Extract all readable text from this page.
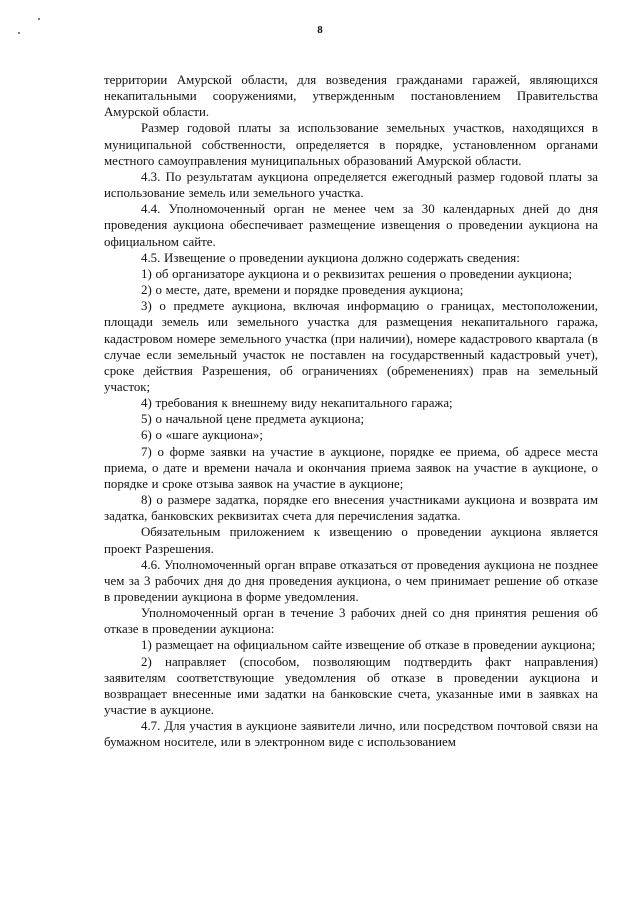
8

территории Амурской области, для возведения гражданами гаражей, являющихся некапитальными сооружениями, утвержденным постановлением Правительства Амурской области.

Размер годовой платы за использование земельных участков, находящихся в муниципальной собственности, определяется в порядке, установленном органами местного самоуправления муниципальных образований Амурской области.

4.3. По результатам аукциона определяется ежегодный размер годовой платы за использование земель или земельного участка.

4.4. Уполномоченный орган не менее чем за 30 календарных дней до дня проведения аукциона обеспечивает размещение извещения о проведении аукциона на официальном сайте.

4.5. Извещение о проведении аукциона должно содержать сведения:

1) об организаторе аукциона и о реквизитах решения о проведении аукциона;

2) о месте, дате, времени и порядке проведения аукциона;

3) о предмете аукциона, включая информацию о границах, местоположении, площади земель или земельного участка для размещения некапитального гаража, кадастровом номере земельного участка (при наличии), номере кадастрового квартала (в случае если земельный участок не поставлен на государственный кадастровый учет), сроке действия Разрешения, об ограничениях (обременениях) прав на земельный участок;

4) требования к внешнему виду некапитального гаража;

5) о начальной цене предмета аукциона;

6) о «шаге аукциона»;

7) о форме заявки на участие в аукционе, порядке ее приема, об адресе места приема, о дате и времени начала и окончания приема заявок на участие в аукционе, о порядке и сроке отзыва заявок на участие в аукционе;

8) о размере задатка, порядке его внесения участниками аукциона и возврата им задатка, банковских реквизитах счета для перечисления задатка.

Обязательным приложением к извещению о проведении аукциона является проект Разрешения.

4.6. Уполномоченный орган вправе отказаться от проведения аукциона не позднее чем за 3 рабочих дня до дня проведения аукциона, о чем принимает решение об отказе в проведении аукциона в форме уведомления.

Уполномоченный орган в течение 3 рабочих дней со дня принятия решения об отказе в проведении аукциона:

1) размещает на официальном сайте извещение об отказе в проведении аукциона;

2) направляет (способом, позволяющим подтвердить факт направления) заявителям соответствующие уведомления об отказе в проведении аукциона и возвращает внесенные ими задатки на банковские счета, указанные ими в заявках на участие в аукционе.

4.7. Для участия в аукционе заявители лично, или посредством почтовой связи на бумажном носителе, или в электронном виде с использованием
